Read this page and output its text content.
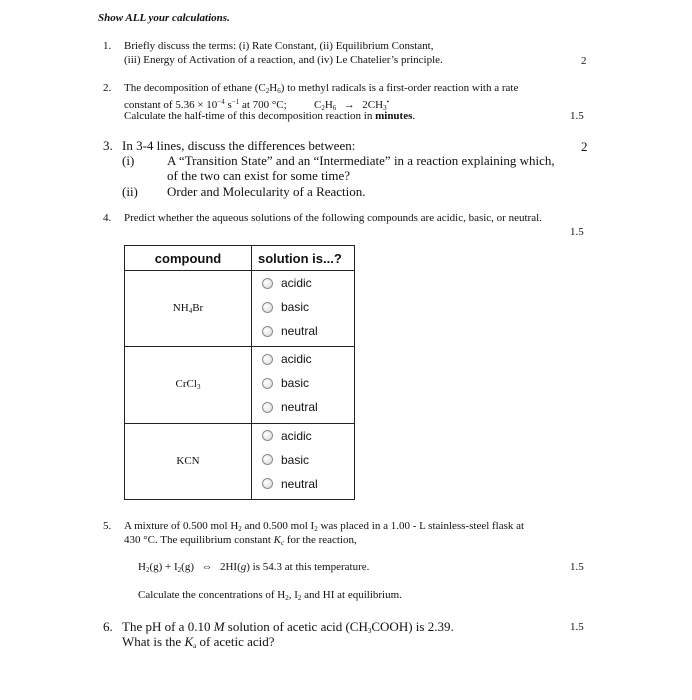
Show ALL your calculations.
1. Briefly discuss the terms: (i) Rate Constant, (ii) Equilibrium Constant,
(iii) Energy of Activation of a reaction, and (iv) Le Chatelier’s principle.	2
2. The decomposition of ethane $(C_2H_6)$ to methyl radicals is a first-order reaction with a rate
constant of $5.36 \times 10^{-4}$ $s^{-1}$ at 700 °C; $C_2H_6 \to 2CH_3^•$
Calculate the half-time of this decomposition reaction in minutes.	1.5
3. In 3-4 lines, discuss the differences between:	2
(i)	A “Transition State” and an “Intermediate” in a reaction explaining which,
of the two can exist for some time?
(ii) Order and Molecularity of a Reaction.
4. Predict whether the aqueous solutions of the following compounds are acidic, basic, or neutral.
1.5
compound	solution is...?
$NH_4Br$	acidic
basic
neutral

CrCl$_3$	acidic
basic
neutral

KCN	acidic
basic
neutral
5. A mixture of 0.500 mol $H_2$ and 0.500 mol $I_2$ was placed in a 1.00 - L stainless-steel flask at
430 °C. The equilibrium constant $K_c$ for the reaction,
$H_2(g) + I_2(g)$ ⇔ 2HI(g) is 54.3 at this temperature.	1.5
Calculate the concentrations of $H_2$, $I_2$ and HI at equilibrium.
6. The pH of a 0.10 M solution of acetic acid $(CH_3COOH)$ is 2.39.
What is the $K_a$ of acetic acid?
1.5
